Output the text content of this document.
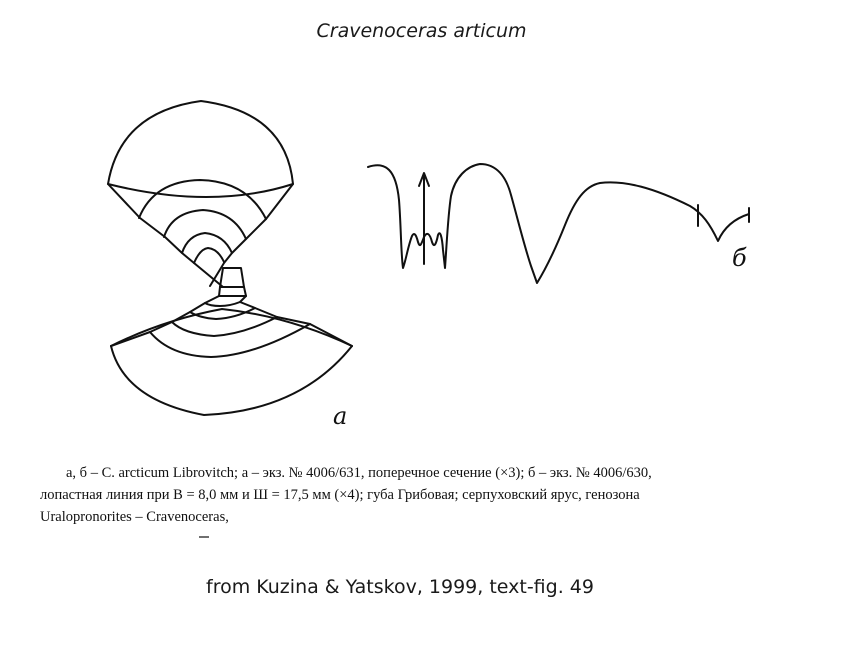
Cravenoceras articum
а
б
а, б – C. arcticum Librovitch; а – экз. № 4006/631, поперечное сечение (×3); б – экз. № 4006/630,
лопастная линия при В = 8,0 мм и Ш = 17,5 мм (×4); губа Грибовая; серпуховский ярус, генозона
Uralopronorites – Cravenoceras,
from Kuzina & Yatskov, 1999, text-fig. 49
